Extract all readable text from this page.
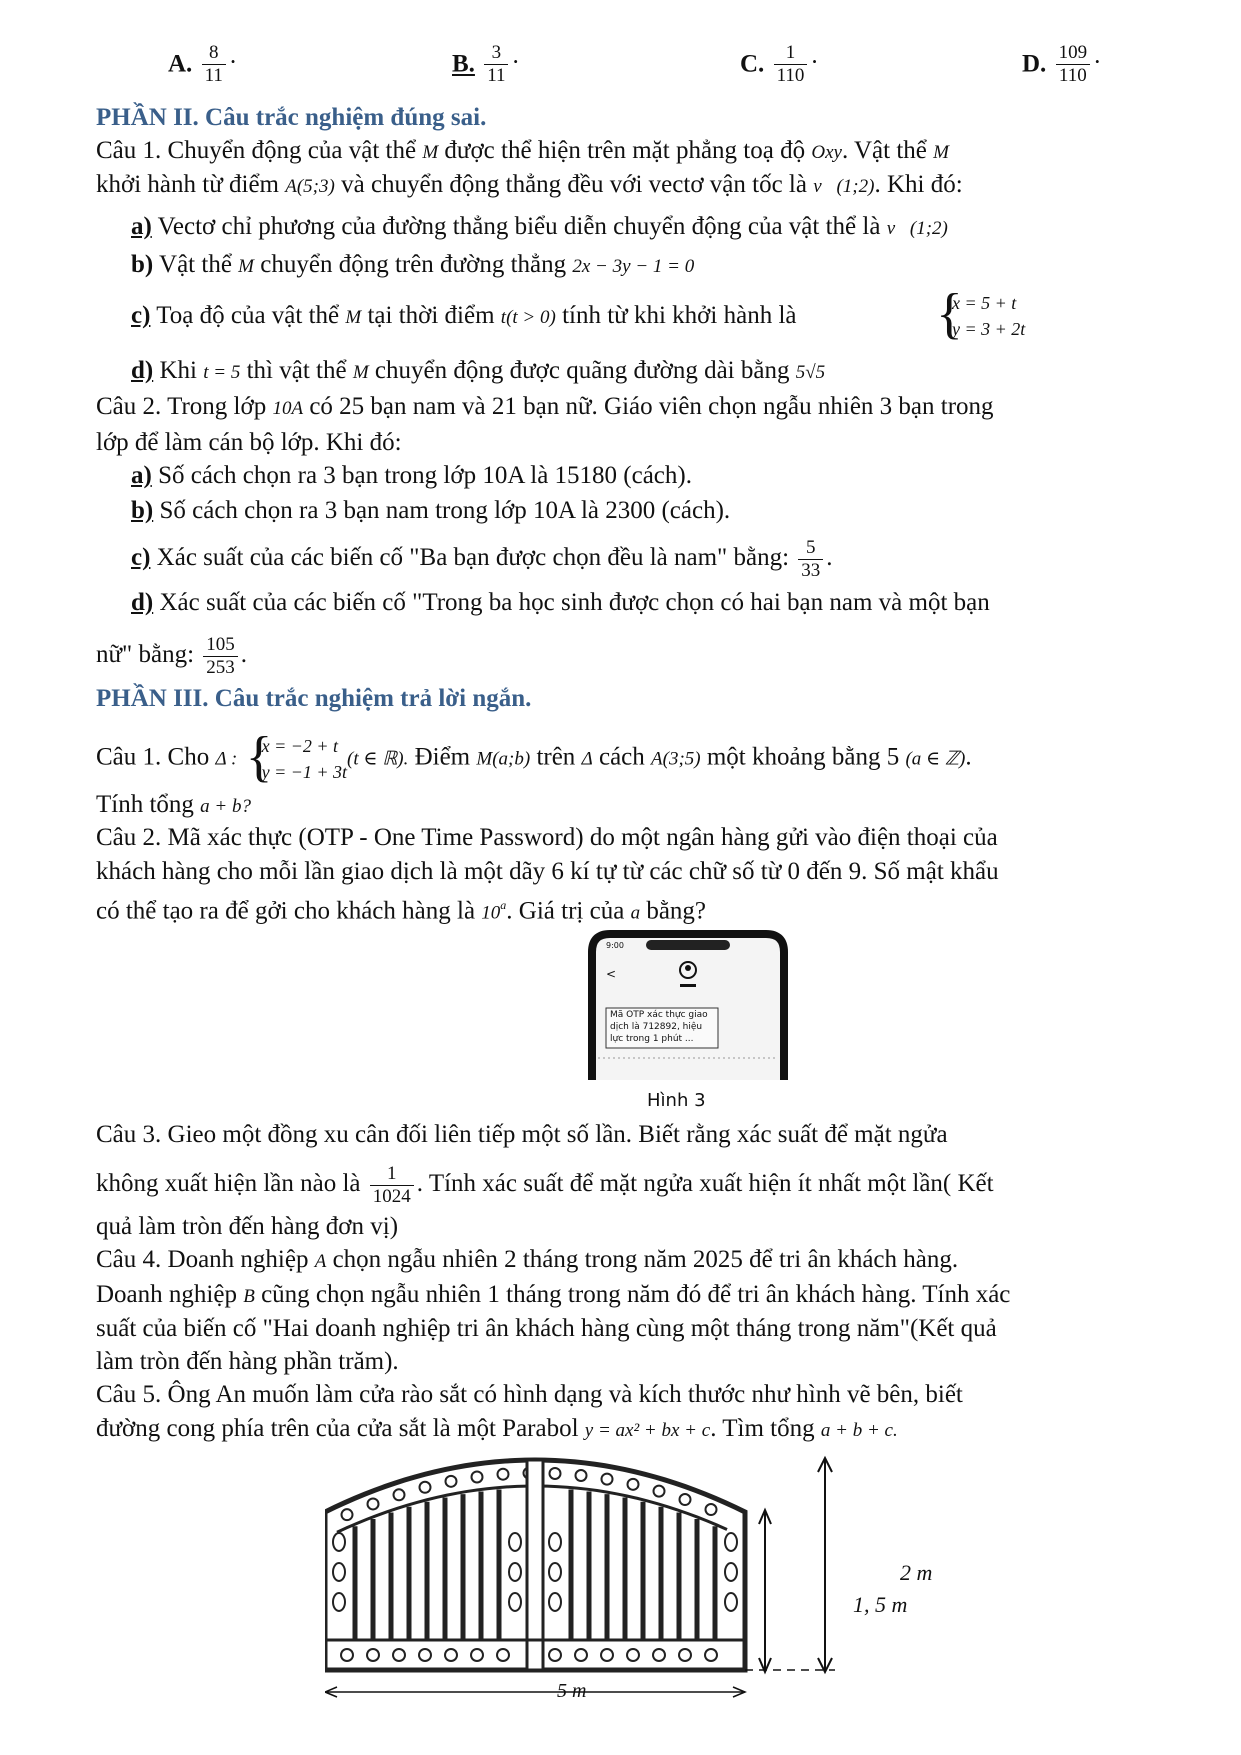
A. $\frac{8}{11}$ ·	B. $\frac{3}{11}$ ·	C. $\frac{1}{110}$ ·	D. $\frac{109}{110}$ ·
PHẦN II. Câu trắc nghiệm đúng sai.
Câu 1. Chuyển động của vật thể M được thể hiện trên mặt phẳng toạ độ Oxy. Vật thể M
khởi hành từ điểm A(5;3) và chuyển động thẳng đều với vectơ vận tốc là v⃗(1;2). Khi đó:
a) Vectơ chỉ phương của đường thẳng biểu diễn chuyển động của vật thể là v⃗(1;2)
b) Vật thể M chuyển động trên đường thẳng 2x − 3y − 1 = 0
c) Toạ độ của vật thể M tại thời điểm t(t > 0) tính từ khi khởi hành là	{ x = 5 + t
y = 3 + 2t
d) Khi t = 5 thì vật thể M chuyển động được quãng đường dài bằng 5√5
Câu 2. Trong lớp 10A có 25 bạn nam và 21 bạn nữ. Giáo viên chọn ngẫu nhiên 3 bạn trong
lớp để làm cán bộ lớp. Khi đó:
a) Số cách chọn ra 3 bạn trong lớp 10A là 15180 (cách).
b) Số cách chọn ra 3 bạn nam trong lớp 10A là 2300 (cách).
c) Xác suất của các biến cố "Ba bạn được chọn đều là nam" bằng: $\frac{5}{33}$ .
d) Xác suất của các biến cố "Trong ba học sinh được chọn có hai bạn nam và một bạn
nữ" bằng: $\frac{105}{253}$ .
PHẦN III. Câu trắc nghiệm trả lời ngắn.
Câu 1. Cho Δ :
{ x = −2 + t
y = −1 + 3t
(t ∈ ℝ). Điểm M(a;b) trên Δ cách A(3;5) một khoảng bằng 5 (a ∈ ℤ).
Tính tổng a + b?
Câu 2. Mã xác thực (OTP - One Time Password) do một ngân hàng gửi vào điện thoại của
khách hàng cho mỗi lần giao dịch là một dãy 6 kí tự từ các chữ số từ 0 đến 9. Số mật khẩu
có thể tạo ra để gởi cho khách hàng là 10$^a$. Giá trị của a bằng?
9:00
<
Mã OTP xác thực giao dịch là 712892, hiệu lực trong 1 phút ...
Hình 3
Câu 3. Gieo một đồng xu cân đối liên tiếp một số lần. Biết rằng xác suất để mặt ngửa
không xuất hiện lần nào là $\frac{1}{1024}$ . Tính xác suất để mặt ngửa xuất hiện ít nhất một lần( Kết
quả làm tròn đến hàng đơn vị)
Câu 4. Doanh nghiệp A chọn ngẫu nhiên 2 tháng trong năm 2025 để tri ân khách hàng.
Doanh nghiệp B cũng chọn ngẫu nhiên 1 tháng trong năm đó để tri ân khách hàng. Tính xác
suất của biến cố "Hai doanh nghiệp tri ân khách hàng cùng một tháng trong năm"(Kết quả
làm tròn đến hàng phần trăm).
Câu 5. Ông An muốn làm cửa rào sắt có hình dạng và kích thước như hình vẽ bên, biết
đường cong phía trên của cửa sắt là một Parabol y = ax² + bx + c. Tìm tổng a + b + c.
2 m
1, 5 m
5 m
